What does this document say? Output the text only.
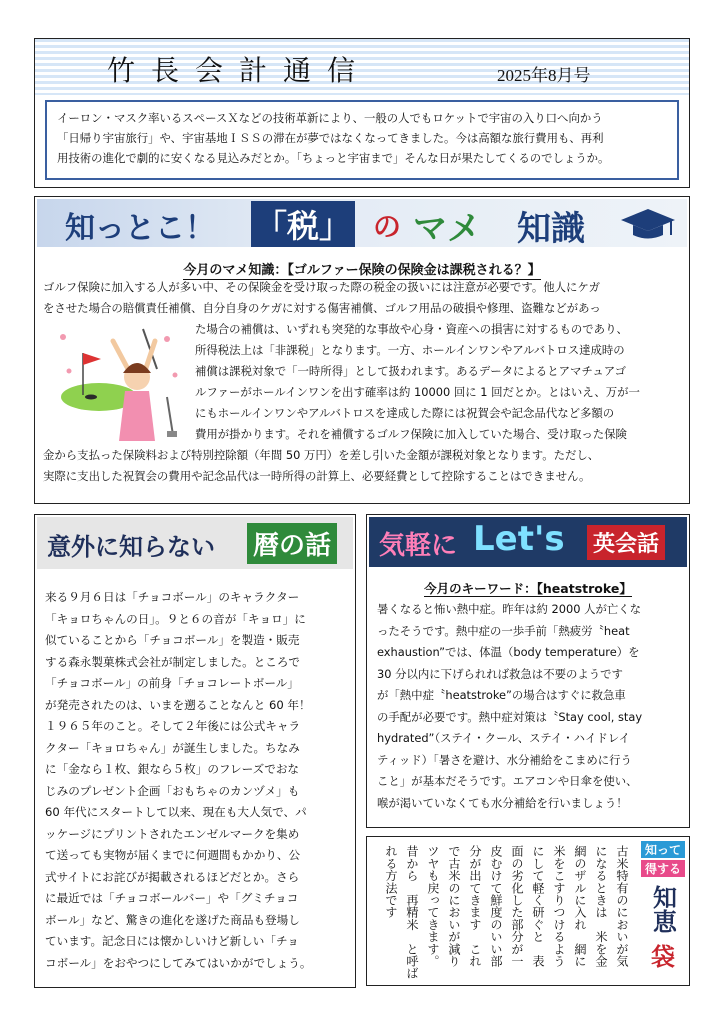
竹長会計通信	2025年8月号
イーロン・マスク率いるスペースＸなどの技術革新により、一般の人でもロケットで宇宙の入り口へ向かう
「日帰り宇宙旅行」や、宇宙基地ＩＳＳの滞在が夢ではなくなってきました。今は高額な旅行費用も、再利
用技術の進化で劇的に安くなる見込みだとか。「ちょっと宇宙まで」そんな日が果たしてくるのでしょうか。
知っとこ！ 「税」 の マメ 知識
今月のマメ知識：【ゴルファー保険の保険金は課税される？】
ゴルフ保険に加入する人が多い中、その保険金を受け取った際の税金の扱いには注意が必要です。他人にケガ
をさせた場合の賠償責任補償、自分自身のケガに対する傷害補償、ゴルフ用品の破損や修理、盗難などがあっ
た場合の補償は、いずれも突発的な事故や心身・資産への損害に対するものであり、
所得税法上は「非課税」となります。一方、ホールインワンやアルバトロス達成時の
補償は課税対象で「一時所得」として扱われます。あるデータによるとアマチュアゴ
ルファーがホールインワンを出す確率は約 10000 回に 1 回だとか。とはいえ、万が一
にもホールインワンやアルバトロスを達成した際には祝賀会や記念品代など多額の
費用が掛かります。それを補償するゴルフ保険に加入していた場合、受け取った保険
金から支払った保険料および特別控除額（年間 50 万円）を差し引いた金額が課税対象となります。ただし、
実際に支出した祝賀会の費用や記念品代は一時所得の計算上、必要経費として控除することはできません。
意外に知らない 暦の話
来る９月６日は「チョコボール」のキャラクター
「キョロちゃんの日」。９と６の音が「キョロ」に
似ていることから「チョコボール」を製造・販売
する森永製菓株式会社が制定しました。ところで
「チョコボール」の前身「チョコレートボール」
が発売されたのは、いまを遡ることなんと 60 年！
１９６５年のこと。そして２年後には公式キャラ
クター「キョロちゃん」が誕生しました。ちなみ
に「金なら１枚、銀なら５枚」のフレーズでおな
じみのプレゼント企画「おもちゃのカンヅメ」も
60 年代にスタートして以来、現在も大人気で、パ
ッケージにプリントされたエンゼルマークを集め
て送っても実物が届くまでに何週間もかかり、公
式サイトにお詫びが掲載されるほどだとか。さら
に最近では「チョコボールバー」や「グミチョコ
ボール」など、驚きの進化を遂げた商品も登場し
ています。記念日には懐かしいけど新しい「チョ
コボール」をおやつにしてみてはいかがでしょう。
気軽に Let's 英会話
今月のキーワード：【heatstroke】
暑くなると怖い熱中症。昨年は約 2000 人が亡くな
ったそうです。熱中症の一歩手前「熱疲労〝heat
exhaustion”では、体温（body temperature）を
30 分以内に下げられれば救急は不要のようです
が「熱中症〝heatstroke”の場合はすぐに救急車
の手配が必要です。熱中症対策は〝Stay cool, stay
hydrated”（ステイ・クール、ステイ・ハイドレイ
ティッド）「暑さを避け、水分補給をこまめに行う
こと」が基本だそうです。エアコンや日傘を使い、
喉が渇いていなくても水分補給を行いましょう！
知って
得する
知恵
袋
古米特有のにおいが気
になるときは　米を金
網のザルに入れ　網に
米をこすりつけるよう
にして軽く研ぐと　表
面の劣化した部分が一
皮むけて鮮度のいい部
分が出てきます　これ
で古米のにおいが減り
ツヤも戻ってきます。
昔から　再精米　と呼ば
れる方法です
